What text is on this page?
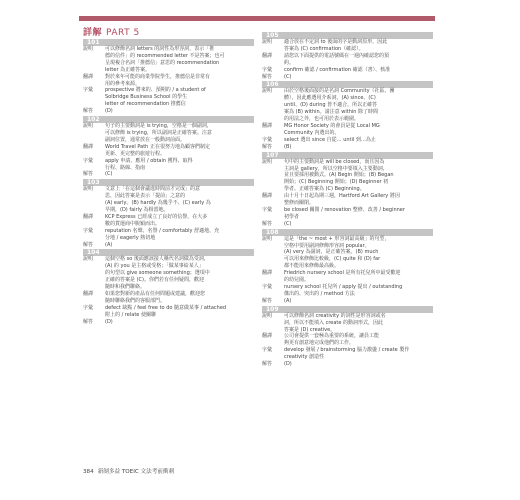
詳解 PART 5
101
說明	可以修飾名詞 letters 的詞性為形容詞，表示「推
薦的信件」的 recommended letter 不是答案；也可
呈現複合名詞「推薦信」意思的 recommendation
letter 為正確答案。
翻譯	對於來年可能的商業學院學生，推薦信是非常有
用的參考來源。
字彙	prospective 將來的、預期的 / a student of
Solbridge Business School 的學生
letter of recommendation 推薦信
解答	(D)
102
說明	句子的主要動詞是 is trying，空格是一個副詞，
可以修飾 is trying，所以副詞是正確答案。注意
副詞位置，通常放在一般動詞前面。
翻譯	World Travel Path 正在很努力地為顧客們制定
更新、更完整的旅遊行程。
字彙	apply 申請、應用 / obtain 獲得、取得
行程、路線、指南
解答	(C)
103
說明	文意上「在這個會議進時間前才完成」的意
思，因此答案是表示「提前」之意的
(A) early。(B) hardly 為幾乎不、(C) early 為
早期，(D) fairly 為相當地。
翻譯	KCP Express 已經成立了良好的信譽，在大多
數的貨運商中脫穎而出。
字彙	reputation 名聲、名譽 / comfortably 舒適地、充
分地 / eagerly 熱切地
解答	(A)
104
說明	這個空格 so 後面應該接人稱代名詞做為受詞，
(A) 的 you 是主格或受格；「做某事給某人」
的句型以 give someone something；選項中
正確的答案是 (C)。你們若有任何疑問，歡迎
隨時和我們聯絡。
翻譯	如果您對新的產品有任何問題或建議，歡迎您
隨時聯絡我們的客服部門。
字彙	defect 缺點 / feel free to do 隨意做某事 / attached
附上的 / relate 使關聯
解答	(D)
105
說明	適合放在不定詞 to 後面的字是動詞原形，因此
答案為 (C) confirmation（確認）。
翻譯	請您以下面提供的電話號碼在一週內確認您的預
約。
字彙	confirm 確認 / confirmation 確認（書）、核准
解答	(C)
106
說明	由於空格後面接的是名詞 Community（社區、團
體），因此應選用介系詞，(A) since、(C)
until、(D) during 皆不適合，所以正確答
案為 (B) within。請注意 within 除了時間
的用法之外，也可用於表示範圍。
翻譯	MG Honor Society 的會員是從 Local MG
Community 內選出的。
字彙	select 選出 since 自從… until 到…為止
解答	(B)
107
說明	句中的主要動詞是 will be closed，而且因為
主詞是 gallery，所以空格中要填入主要動詞，
並且要採用被動式。(A) Begin 開始；(B) Began
開始；(C) Beginning 開始；(D) Beginner 初
學者。正確答案為 (C) Beginning。
翻譯	由十月十日起為期三週，Hartford Art Gallery 將因
整修而關閉。
字彙	be closed 關閉 / renovation 整修、改善 / beginner
初學者
解答	(C)
108
說明	這是「the ~ most + 形容詞最高級」的句型，
空格中要用副詞修飾形容詞 popular。
(A) very 為副詞，是正確答案。(B) much
可以用來修飾比較級，(C) quite 和 (D) far
都不能用來修飾最高級。
翻譯	Friedrich nursery school 是所有托兒所中最受歡迎
的幼兒園。
字彙	nursery school 托兒所 / apply 提出 / outstanding
傑出的、突出的 / method 方法
解答	(A)
109
說明	可以修飾名詞 creativity 的詞性是形容詞或名
詞，所以不能填入 create 的動詞形式，因此
答案是 (D) creative。
翻譯	公司會提供一套極為重要的系統，讓員工能
夠更有創意地完成他們的工作。
字彙	develop 發展 / brainstorming 腦力激盪 / create 製作
creativity 創造性
解答	(D)
384 新制多益 TOEIC 文法考前衝刺
